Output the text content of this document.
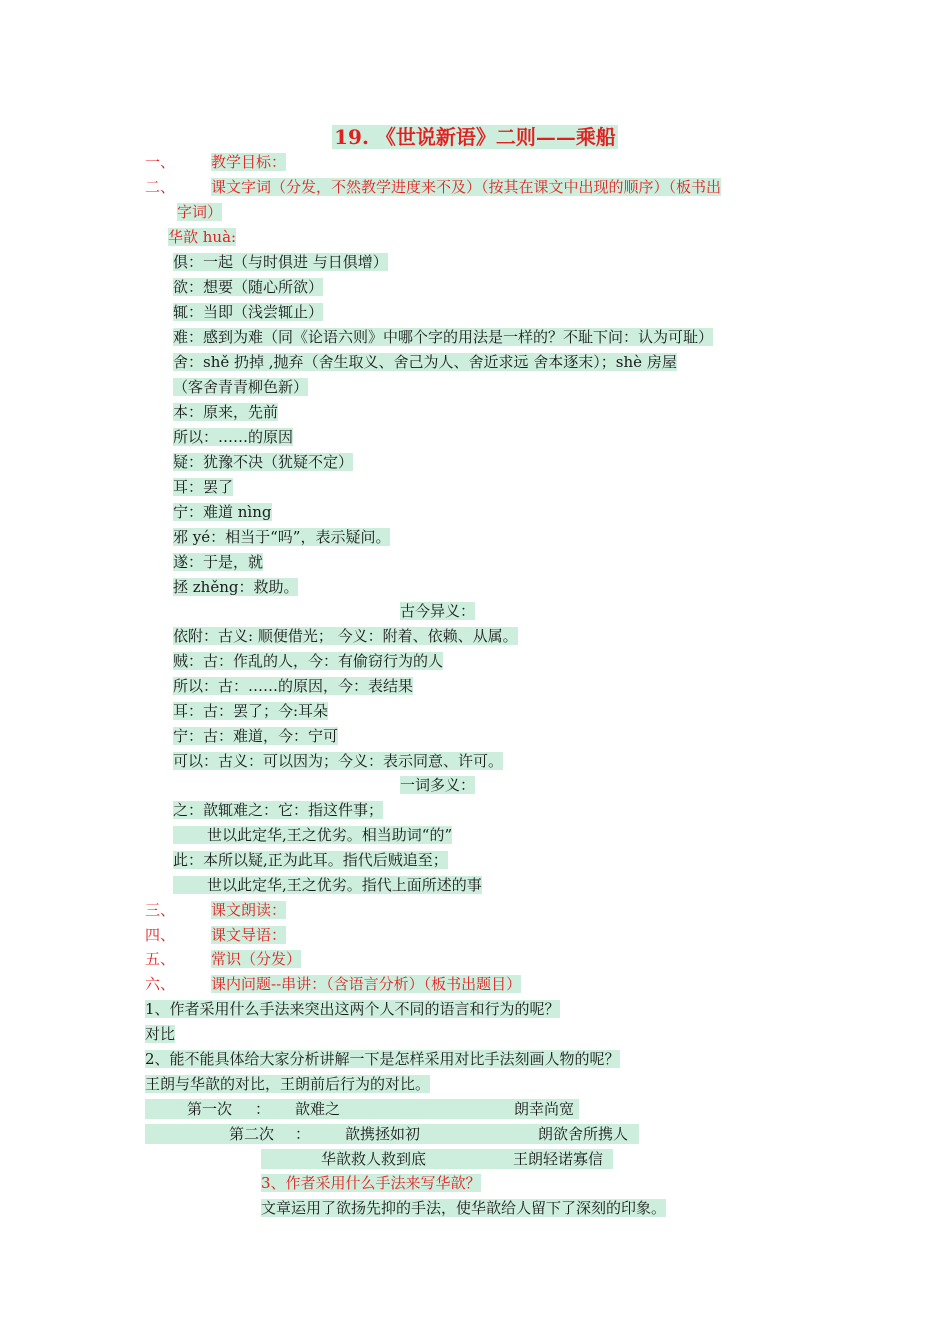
19. 《世说新语》二则——乘船
一、 教学目标：
二、 课文字词（分发，不然教学进度来不及）（按其在课文中出现的顺序）（板书出
字词）
华歆 huà:
俱：一起（与时俱进 与日俱增）
欲：想要（随心所欲）
辄：当即（浅尝辄止）
难：感到为难（同《论语六则》中哪个字的用法是一样的？不耻下问：认为可耻）
舍：shě 扔掉 ,抛弃（舍生取义、舍己为人、舍近求远 舍本逐末）；shè 房屋
（客舍青青柳色新）
本：原来，先前
所以：……的原因
疑：犹豫不决（犹疑不定）
耳：罢了
宁：难道 nìng
邪 yé：相当于“吗”，表示疑问。
遂：于是，就
拯 zhěng：救助。
古今异义：
依附：古义: 顺便借光； 今义：附着、依赖、从属。
贼：古：作乱的人，今：有偷窃行为的人
所以：古：……的原因，今：表结果
耳：古：罢了；今:耳朵
宁：古：难道，今：宁可
可以：古义：可以因为；今义：表示同意、许可。
一词多义：
之：歆辄难之：它：指这件事；
世以此定华,王之优劣。相当助词“的”
此：本所以疑,正为此耳。指代后贼追至；
世以此定华,王之优劣。指代上面所述的事
三、 课文朗读：
四、 课文导语：
五、 常识（分发）
六、 课内问题--串讲：（含语言分析）（板书出题目）
1、作者采用什么手法来突出这两个人不同的语言和行为的呢？
对比
2、能不能具体给大家分析讲解一下是怎样采用对比手法刻画人物的呢？
王朗与华歆的对比，王朗前后行为的对比。
第一次 ： 歆难之	朗幸尚宽
第二次 ： 歆携拯如初	朗欲舍所携人
华歆救人救到底	王朗轻诺寡信
3、作者采用什么手法来写华歆？
文章运用了欲扬先抑的手法，使华歆给人留下了深刻的印象。
